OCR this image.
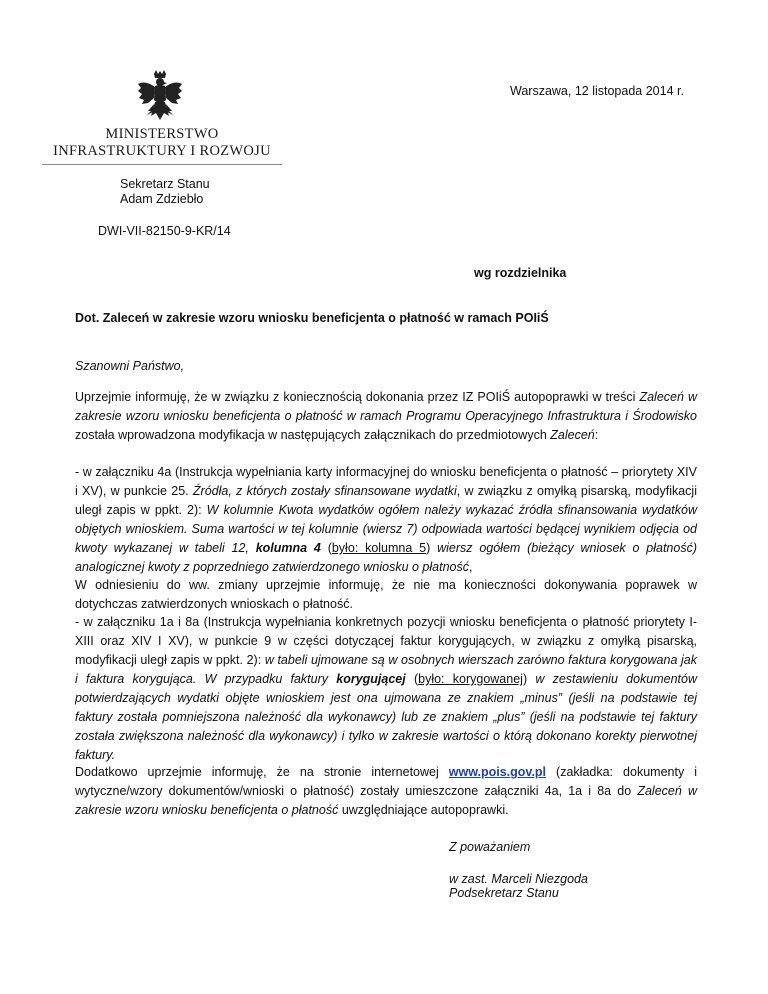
MINISTERSTWO
INFRASTRUKTURY I ROZWOJU
Sekretarz Stanu
Adam Zdziebło
DWI-VII-82150-9-KR/14
Warszawa, 12 listopada 2014 r.
wg rozdzielnika
Dot. Zaleceń w zakresie wzoru wniosku beneficjenta o płatność w ramach POIiŚ
Szanowni Państwo,

Uprzejmie informuję, że w związku z koniecznością dokonania przez IZ POIiŚ autopoprawki w treści Zaleceń w zakresie wzoru wniosku beneficjenta o płatność w ramach Programu Operacyjnego Infrastruktura i Środowisko została wprowadzona modyfikacja w następujących załącznikach do przedmiotowych Zaleceń:

- w załączniku 4a (Instrukcja wypełniania karty informacyjnej do wniosku beneficjenta o płatność – priorytety XIV i XV), w punkcie 25. Źródła, z których zostały sfinansowane wydatki, w związku z omyłką pisarską, modyfikacji uległ zapis w ppkt. 2): W kolumnie Kwota wydatków ogółem należy wykazać źródła sfinansowania wydatków objętych wnioskiem. Suma wartości w tej kolumnie (wiersz 7) odpowiada wartości będącej wynikiem odjęcia od kwoty wykazanej w tabeli 12, kolumna 4 (było: kolumna 5) wiersz ogółem (bieżący wniosek o płatność) analogicznej kwoty z poprzedniego zatwierdzonego wniosku o płatność,

W odniesieniu do ww. zmiany uprzejmie informuję, że nie ma konieczności dokonywania poprawek w dotychczas zatwierdzonych wnioskach o płatność.

- w załączniku 1a i 8a (Instrukcja wypełniania konkretnych pozycji wniosku beneficjenta o płatność priorytety I-XIII oraz XIV I XV), w punkcie 9 w części dotyczącej faktur korygujących, w związku z omyłką pisarską, modyfikacji uległ zapis w ppkt. 2): w tabeli ujmowane są w osobnych wierszach zarówno faktura korygowana jak i faktura korygująca. W przypadku faktury korygującej (było: korygowanej) w zestawieniu dokumentów potwierdzających wydatki objęte wnioskiem jest ona ujmowana ze znakiem „minus” (jeśli na podstawie tej faktury została pomniejszona należność dla wykonawcy) lub ze znakiem „plus” (jeśli na podstawie tej faktury została zwiększona należność dla wykonawcy) i tylko w zakresie wartości o którą dokonano korekty pierwotnej faktury.

Dodatkowo uprzejmie informuję, że na stronie internetowej www.pois.gov.pl (zakładka: dokumenty i wytyczne/wzory dokumentów/wnioski o płatność) zostały umieszczone załączniki 4a, 1a i 8a do Zaleceń w zakresie wzoru wniosku beneficjenta o płatność uwzględniające autopoprawki.

Z poważaniem
w zast. Marceli Niezgoda
Podsekretarz Stanu
